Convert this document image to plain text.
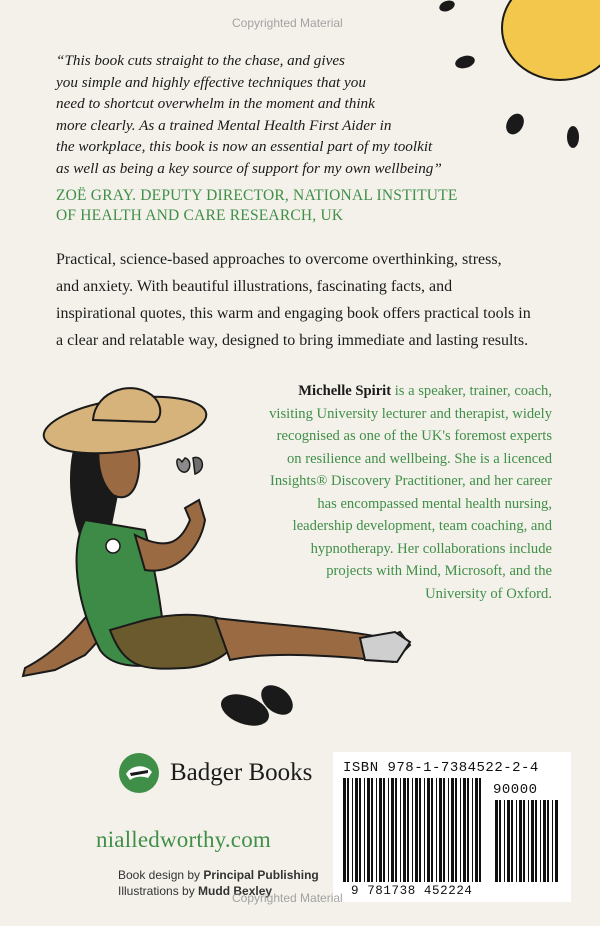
Copyrighted Material
“This book cuts straight to the chase, and gives
you simple and highly effective techniques that you
need to shortcut overwhelm in the moment and think
more clearly. As a trained Mental Health First Aider in
the workplace, this book is now an essential part of my toolkit
as well as being a key source of support for my own wellbeing”
ZOË GRAY. DEPUTY DIRECTOR, NATIONAL INSTITUTE
OF HEALTH AND CARE RESEARCH, UK
Practical, science-based approaches to overcome overthinking, stress,
and anxiety. With beautiful illustrations, fascinating facts, and
inspirational quotes, this warm and engaging book offers practical tools in
a clear and relatable way, designed to bring immediate and lasting results.
Michelle Spirit is a speaker, trainer, coach,
visiting University lecturer and therapist, widely
recognised as one of the UK's foremost experts
on resilience and wellbeing. She is a licenced
Insights® Discovery Practitioner, and her career
has encompassed mental health nursing,
leadership development, team coaching, and
hypnotherapy. Her collaborations include
projects with Mind, Microsoft, and the
University of Oxford.
Badger Books
nialledworthy.com
Book design by Principal Publishing
Illustrations by Mudd Bexley
ISBN 978-1-7384522-2-4
90000
9 781738 452224
Copyrighted Material
